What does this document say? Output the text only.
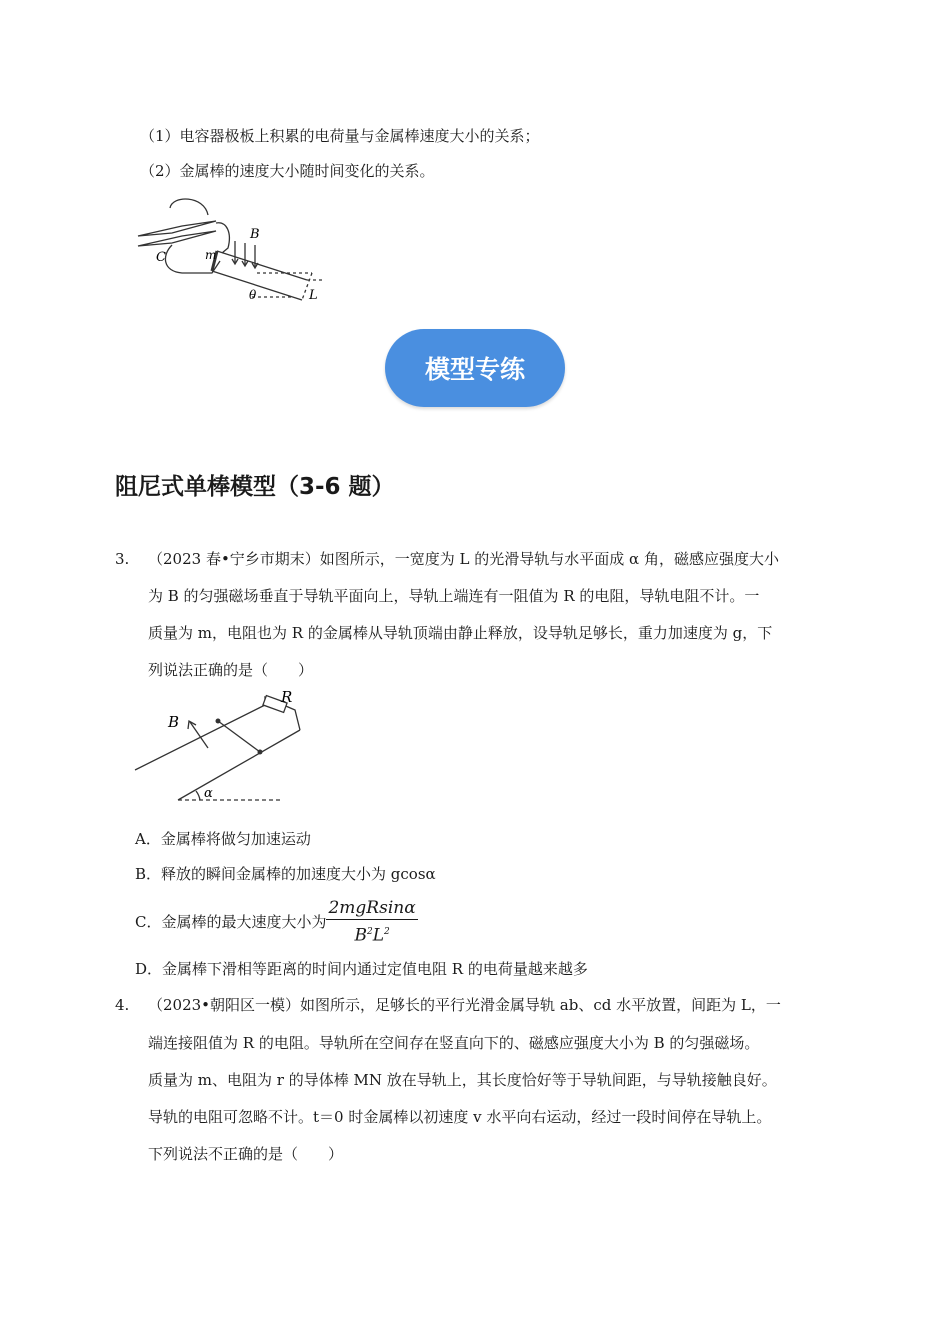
（1）电容器极板上积累的电荷量与金属棒速度大小的关系；
（2）金属棒的速度大小随时间变化的关系。
B
C	m
θ	L
模型专练
阻尼式单棒模型（3-6 题）
3. （2023 春•宁乡市期末）如图所示，一宽度为 L 的光滑导轨与水平面成 α 角，磁感应强度大小
为 B 的匀强磁场垂直于导轨平面向上，导轨上端连有一阻值为 R 的电阻，导轨电阻不计。一
质量为 m，电阻也为 R 的金属棒从导轨顶端由静止释放，设导轨足够长，重力加速度为 g，下
列说法正确的是（　　）
B
R
α
A．金属棒将做匀加速运动
B．释放的瞬间金属棒的加速度大小为 gcosα
C．金属棒的最大速度大小为 $\frac{\text{2mgRsinα}}{B^2L^2}$
D．金属棒下滑相等距离的时间内通过定值电阻 R 的电荷量越来越多
4. （2023•朝阳区一模）如图所示，足够长的平行光滑金属导轨 ab、cd 水平放置，间距为 L，一
端连接阻值为 R 的电阻。导轨所在空间存在竖直向下的、磁感应强度大小为 B 的匀强磁场。
质量为 m、电阻为 r 的导体棒 MN 放在导轨上，其长度恰好等于导轨间距，与导轨接触良好。
导轨的电阻可忽略不计。t＝0 时金属棒以初速度 v 水平向右运动，经过一段时间停在导轨上。
下列说法不正确的是（　　）
